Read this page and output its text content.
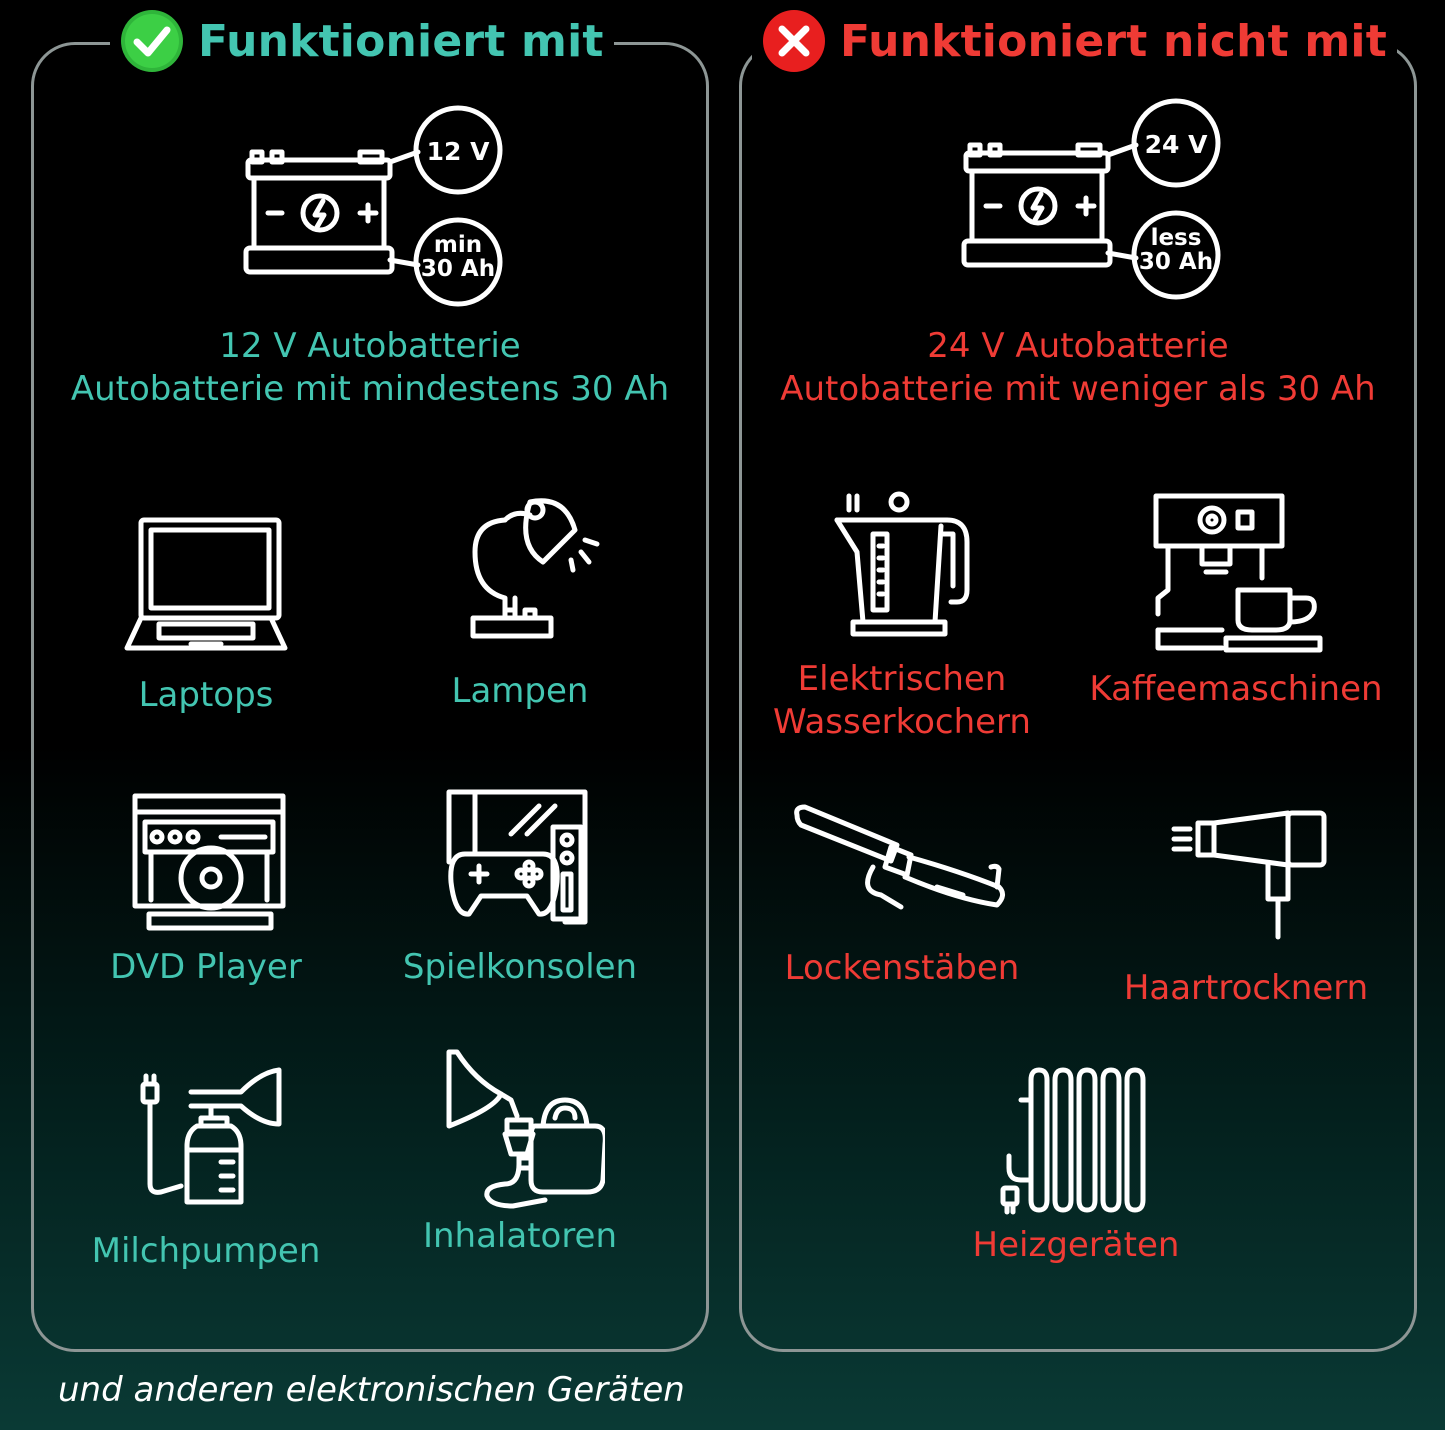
Funktioniert mit	Funktioniert nicht mit
12 V
min
30 Ah
24 V
less
30 Ah
12 V Autobatterie
Autobatterie mit mindestens 30 Ah
24 V Autobatterie
Autobatterie mit weniger als 30 Ah
Laptops	Lampen
DVD Player	Spielkonsolen
Milchpumpen	Inhalatoren
Elektrischen
Wasserkochern
Kaffeemaschinen
Lockenstäben	Haartrocknern
Heizgeräten
und anderen elektronischen Geräten
